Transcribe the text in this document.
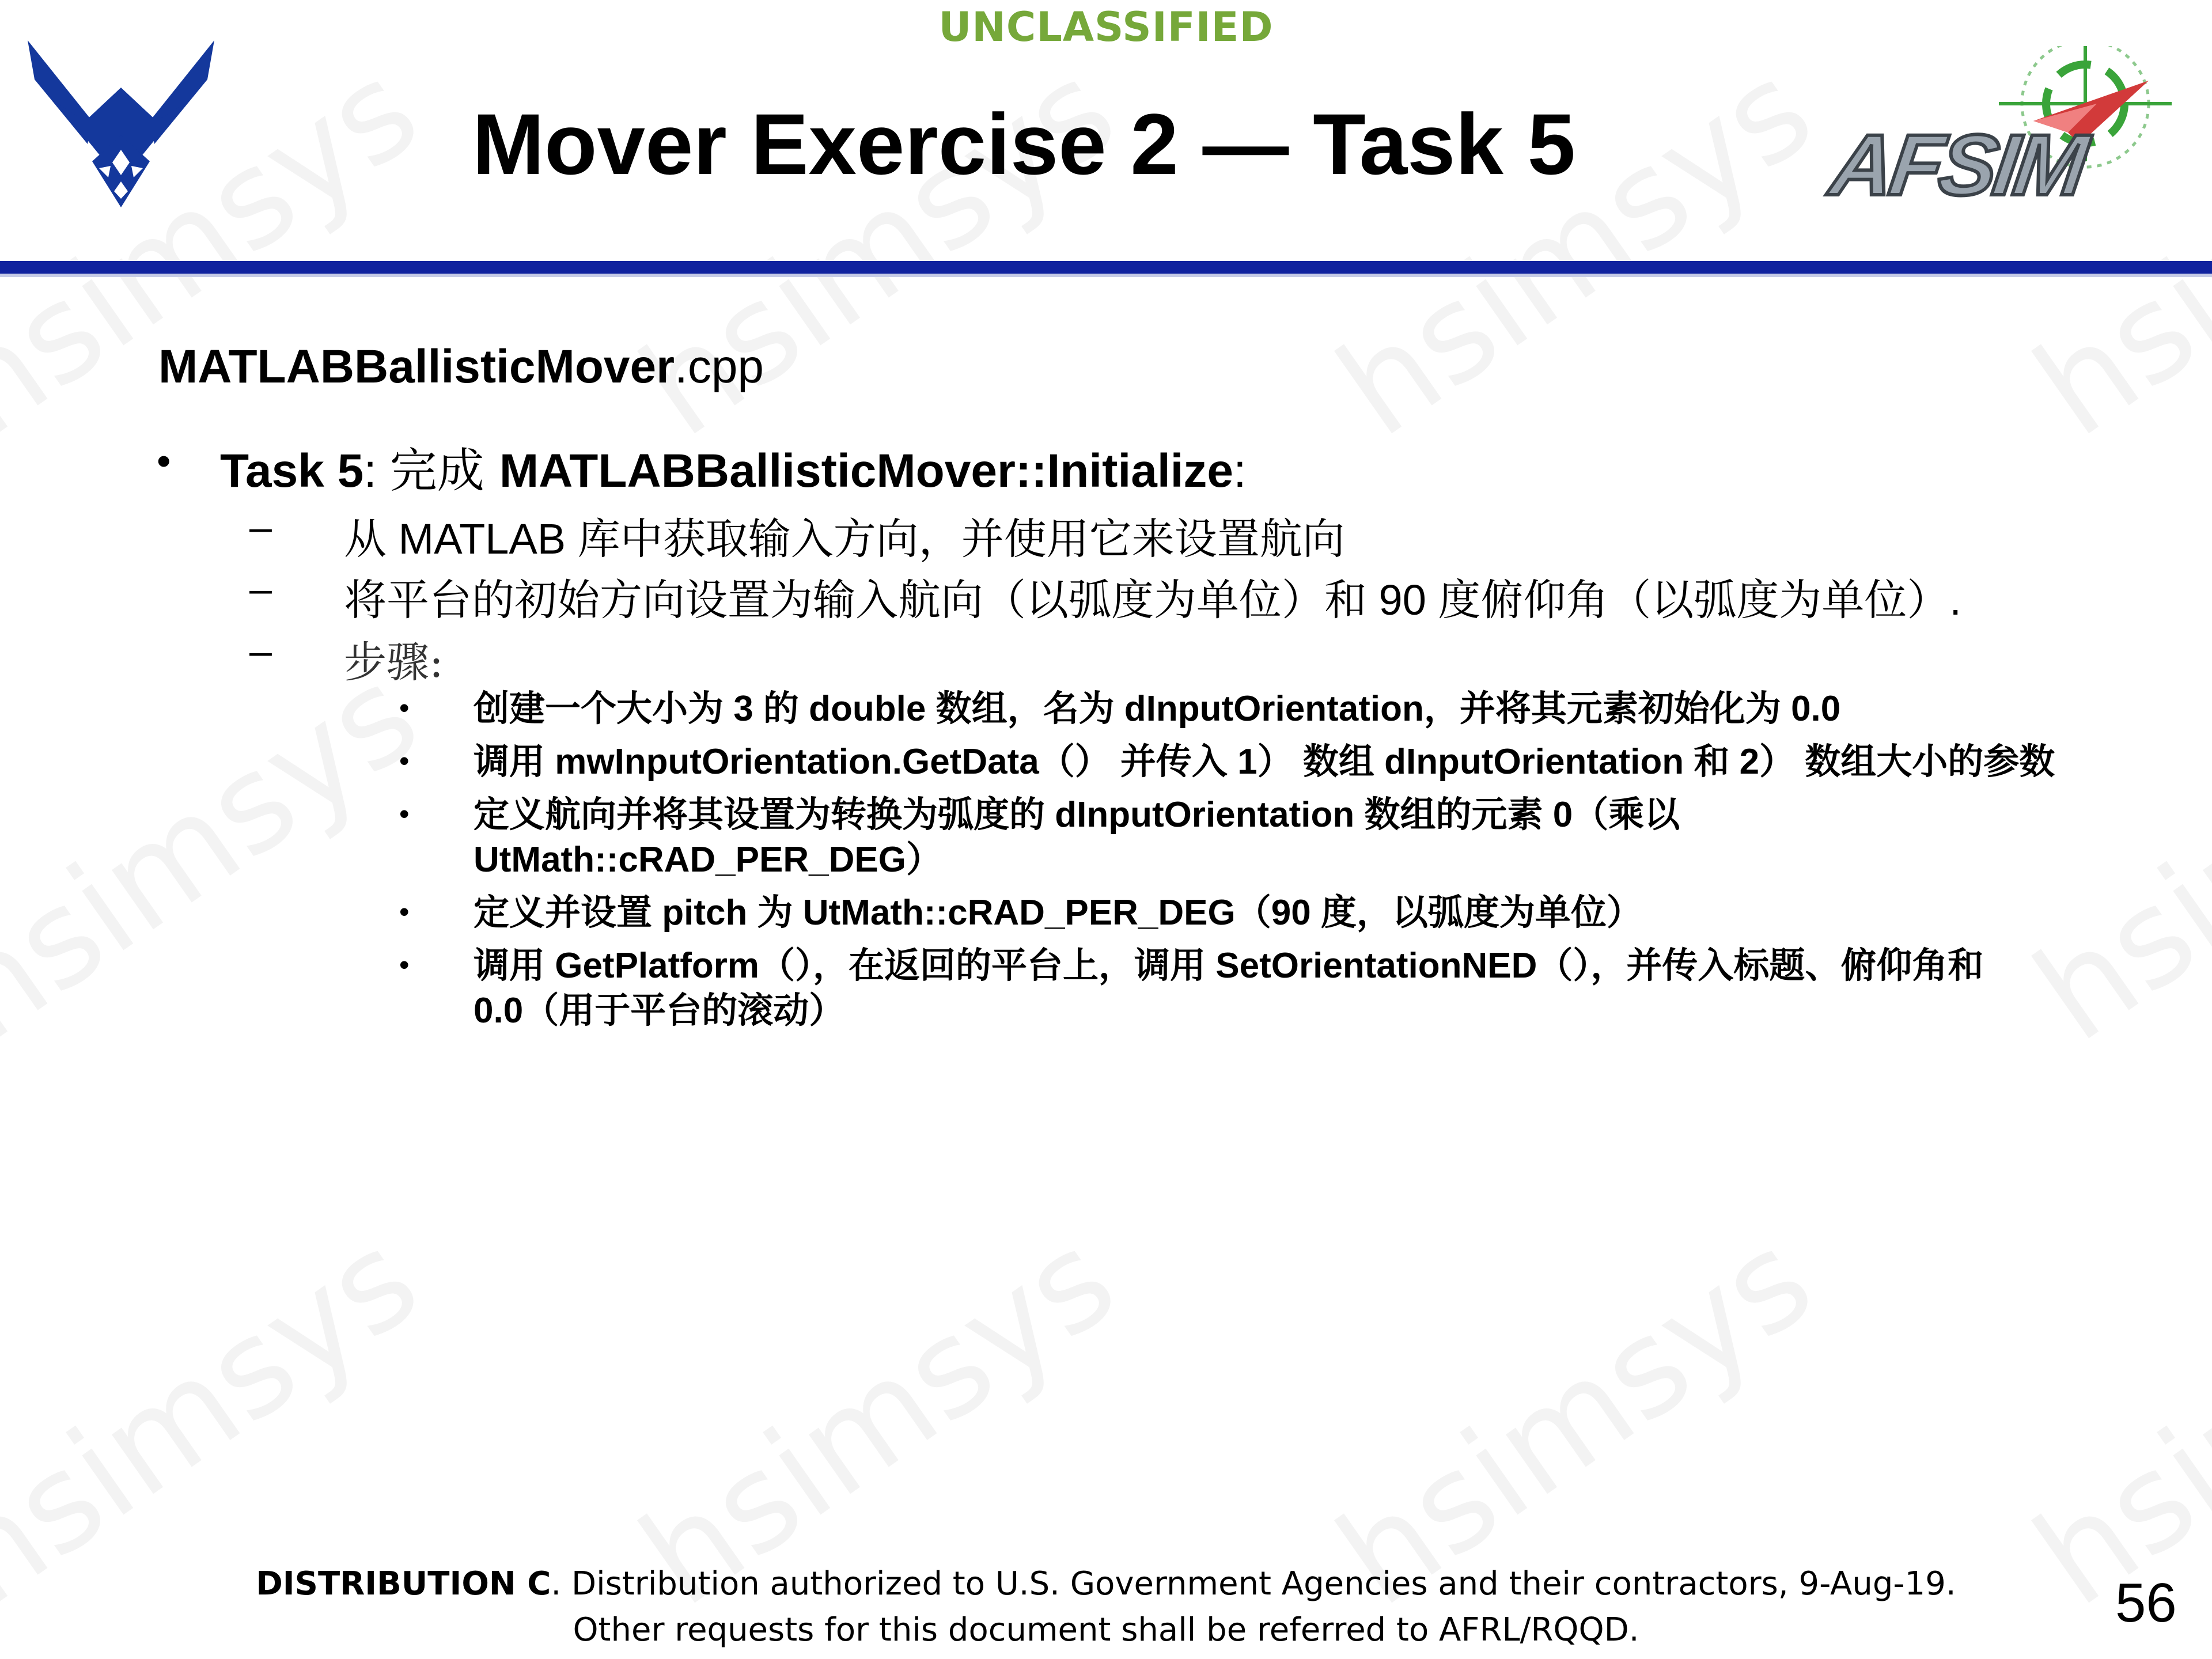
UNCLASSIFIED
Mover Exercise 2 — Task 5	AFSIM
MATLABBallisticMover.cpp
• Task 5: 完成 MATLABBallisticMover::Initialize:
– 从 MATLAB 库中获取输入方向，并使用它来设置航向
– 将平台的初始方向设置为输入航向（以弧度为单位）和 90 度俯仰角（以弧度为单位）.
– 步骤:
• 创建一个大小为 3 的 double 数组，名为 dInputOrientation，并将其元素初始化为 0.0
• 调用 mwInputOrientation.GetData（） 并传入 1） 数组 dInputOrientation 和 2） 数组大小的参数
• 定义航向并将其设置为转换为弧度的 dInputOrientation 数组的元素 0（乘以
UtMath::cRAD_PER_DEG）
• 定义并设置 pitch 为 UtMath::cRAD_PER_DEG（90 度，以弧度为单位）
• 调用 GetPlatform（），在返回的平台上，调用 SetOrientationNED（），并传入标题、俯仰角和
0.0（用于平台的滚动）
DISTRIBUTION C. Distribution authorized to U.S. Government Agencies and their contractors, 9-Aug-19.
Other requests for this document shall be referred to AFRL/RQQD.	56
